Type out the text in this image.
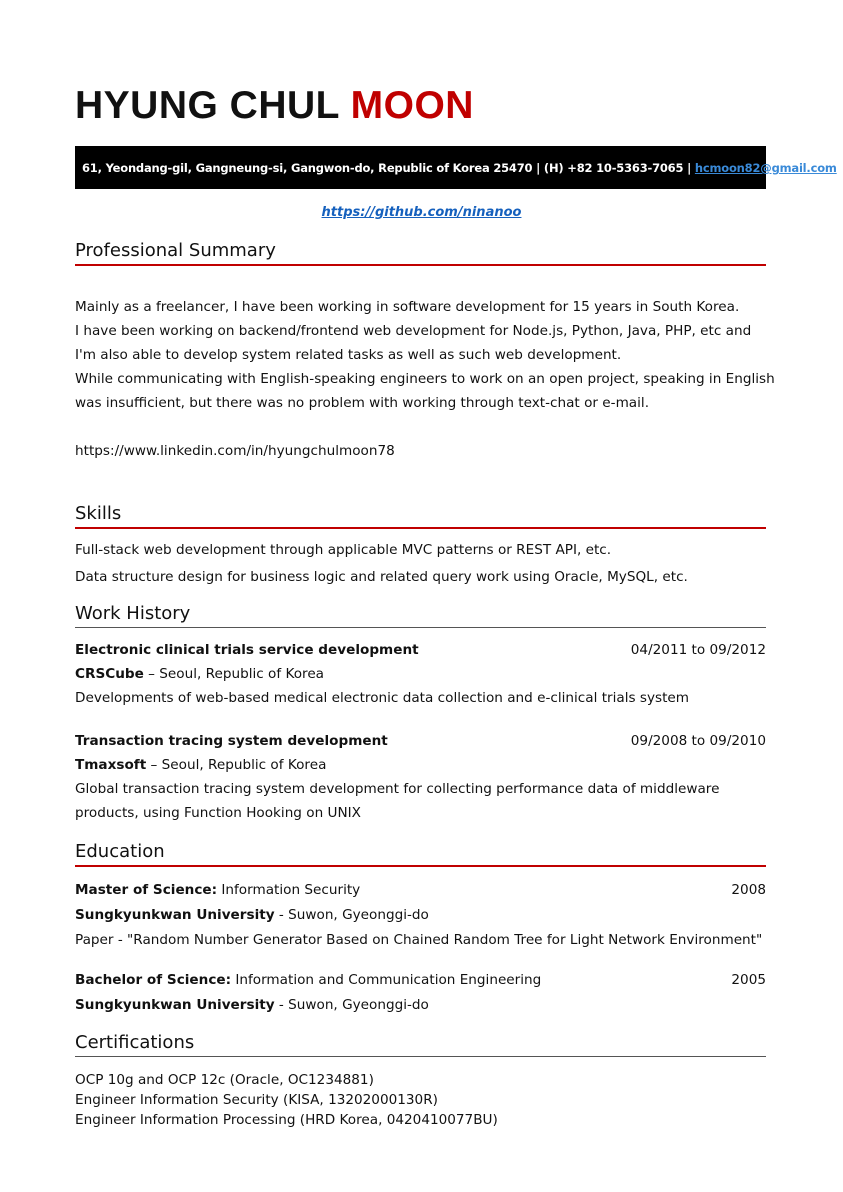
HYUNG CHUL MOON
61, Yeondang-gil, Gangneung-si, Gangwon-do, Republic of Korea 25470 | (H) +82 10-5363-7065 | hcmoon82@gmail.com
https://github.com/ninanoo
Professional Summary
Mainly as a freelancer, I have been working in software development for 15 years in South Korea.
I have been working on backend/frontend web development for Node.js, Python, Java, PHP, etc and
I'm also able to develop system related tasks as well as such web development.
While communicating with English-speaking engineers to work on an open project, speaking in English
was insufficient, but there was no problem with working through text-chat or e-mail.
https://www.linkedin.com/in/hyungchulmoon78
Skills
Full-stack web development through applicable MVC patterns or REST API, etc.
Data structure design for business logic and related query work using Oracle, MySQL, etc.
Work History
Electronic clinical trials service development
CRSCube – Seoul, Republic of Korea
Developments of web-based medical electronic data collection and e-clinical trials system
04/2011 to 09/2012
Transaction tracing system development
Tmaxsoft – Seoul, Republic of Korea
Global transaction tracing system development for collecting performance data of middleware
products, using Function Hooking on UNIX
09/2008 to 09/2010
Education
Master of Science: Information Security
Sungkyunkwan University - Suwon, Gyeonggi-do
Paper - "Random Number Generator Based on Chained Random Tree for Light Network Environment"
2008
Bachelor of Science: Information and Communication Engineering
Sungkyunkwan University - Suwon, Gyeonggi-do
2005
Certifications
OCP 10g and OCP 12c (Oracle, OC1234881)
Engineer Information Security (KISA, 13202000130R)
Engineer Information Processing (HRD Korea, 0420410077BU)
